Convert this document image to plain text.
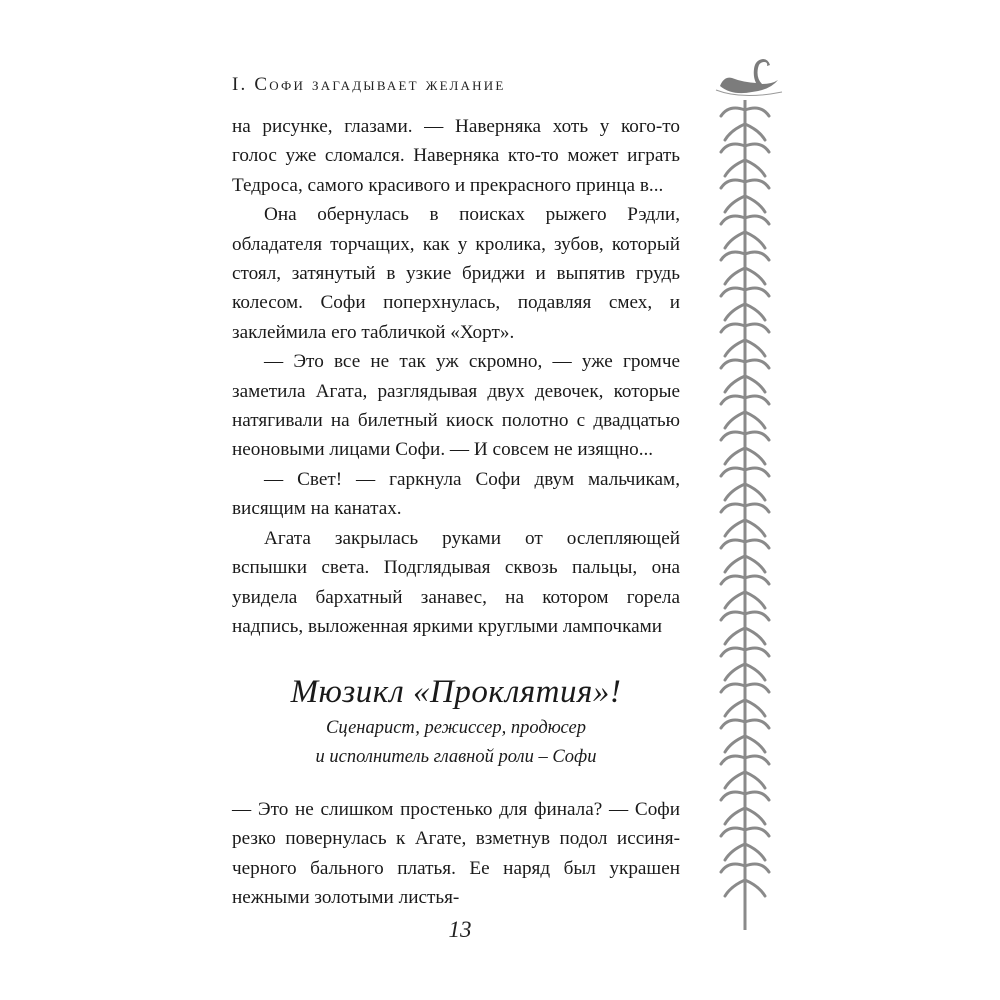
I. Софи загадывает желание

на рисунке, глазами. — Наверняка хоть у кого-то голос уже сломался. Наверняка кто-то может играть Тедроса, самого красивого и прекрасного принца в...

Она обернулась в поисках рыжего Рэдли, обладателя торчащих, как у кролика, зубов, который стоял, затянутый в узкие бриджи и выпятив грудь колесом. Софи поперхнулась, подавляя смех, и заклеймила его табличкой «Хорт».

— Это все не так уж скромно, — уже громче заметила Агата, разглядывая двух девочек, которые натягивали на билетный киоск полотно с двадцатью неоновыми лицами Софи. — И совсем не изящно...

— Свет! — гаркнула Софи двум мальчикам, висящим на канатах.

Агата закрылась руками от ослепляющей вспышки света. Подглядывая сквозь пальцы, она увидела бархатный занавес, на котором горела надпись, выложенная яркими круглыми лампочками

Мюзикл «Проклятия»!
Сценарист, режиссер, продюсер
и исполнитель главной роли – Софи

— Это не слишком простенько для финала? — Софи резко повернулась к Агате, взметнув подол иссиня-черного бального платья. Ее наряд был украшен нежными золотыми листья-

13
